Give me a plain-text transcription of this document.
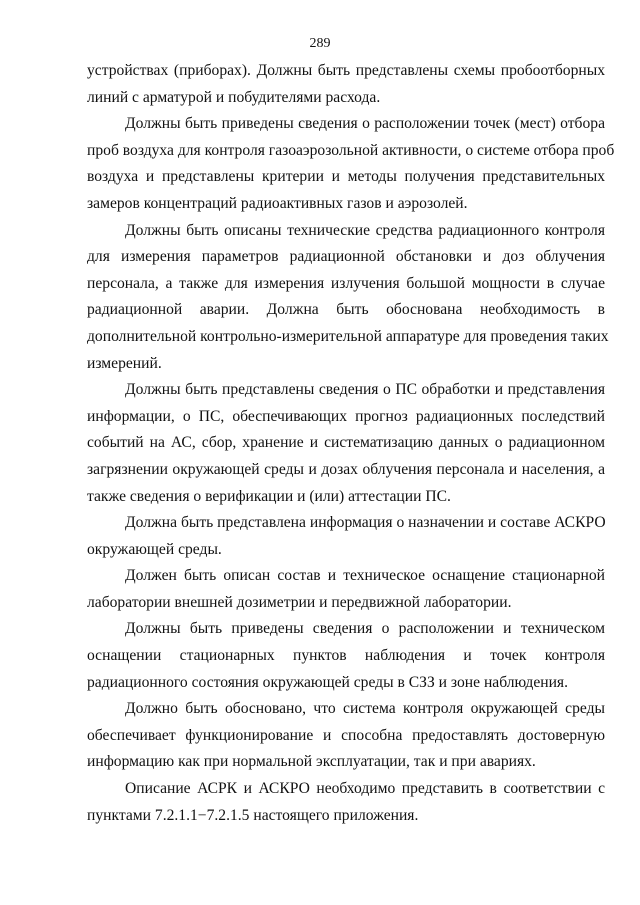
289
устройствах (приборах). Должны быть представлены схемы пробоотборных
линий с арматурой и побудителями расхода.
Должны быть приведены сведения о расположении точек (мест) отбора
проб воздуха для контроля газоаэрозольной активности, о системе отбора проб
воздуха и представлены критерии и методы получения представительных
замеров концентраций радиоактивных газов и аэрозолей.
Должны быть описаны технические средства радиационного контроля
для измерения параметров радиационной обстановки и доз облучения
персонала, а также для измерения излучения большой мощности в случае
радиационной аварии. Должна быть обоснована необходимость в
дополнительной контрольно-измерительной аппаратуре для проведения таких
измерений.
Должны быть представлены сведения о ПС обработки и представления
информации, о ПС, обеспечивающих прогноз радиационных последствий
событий на АС, сбор, хранение и систематизацию данных о радиационном
загрязнении окружающей среды и дозах облучения персонала и населения, а
также сведения о верификации и (или) аттестации ПС.
Должна быть представлена информация о назначении и составе АСКРО
окружающей среды.
Должен быть описан состав и техническое оснащение стационарной
лаборатории внешней дозиметрии и передвижной лаборатории.
Должны быть приведены сведения о расположении и техническом
оснащении стационарных пунктов наблюдения и точек контроля
радиационного состояния окружающей среды в СЗЗ и зоне наблюдения.
Должно быть обосновано, что система контроля окружающей среды
обеспечивает функционирование и способна предоставлять достоверную
информацию как при нормальной эксплуатации, так и при авариях.
Описание АСРК и АСКРО необходимо представить в соответствии с
пунктами 7.2.1.1−7.2.1.5 настоящего приложения.
